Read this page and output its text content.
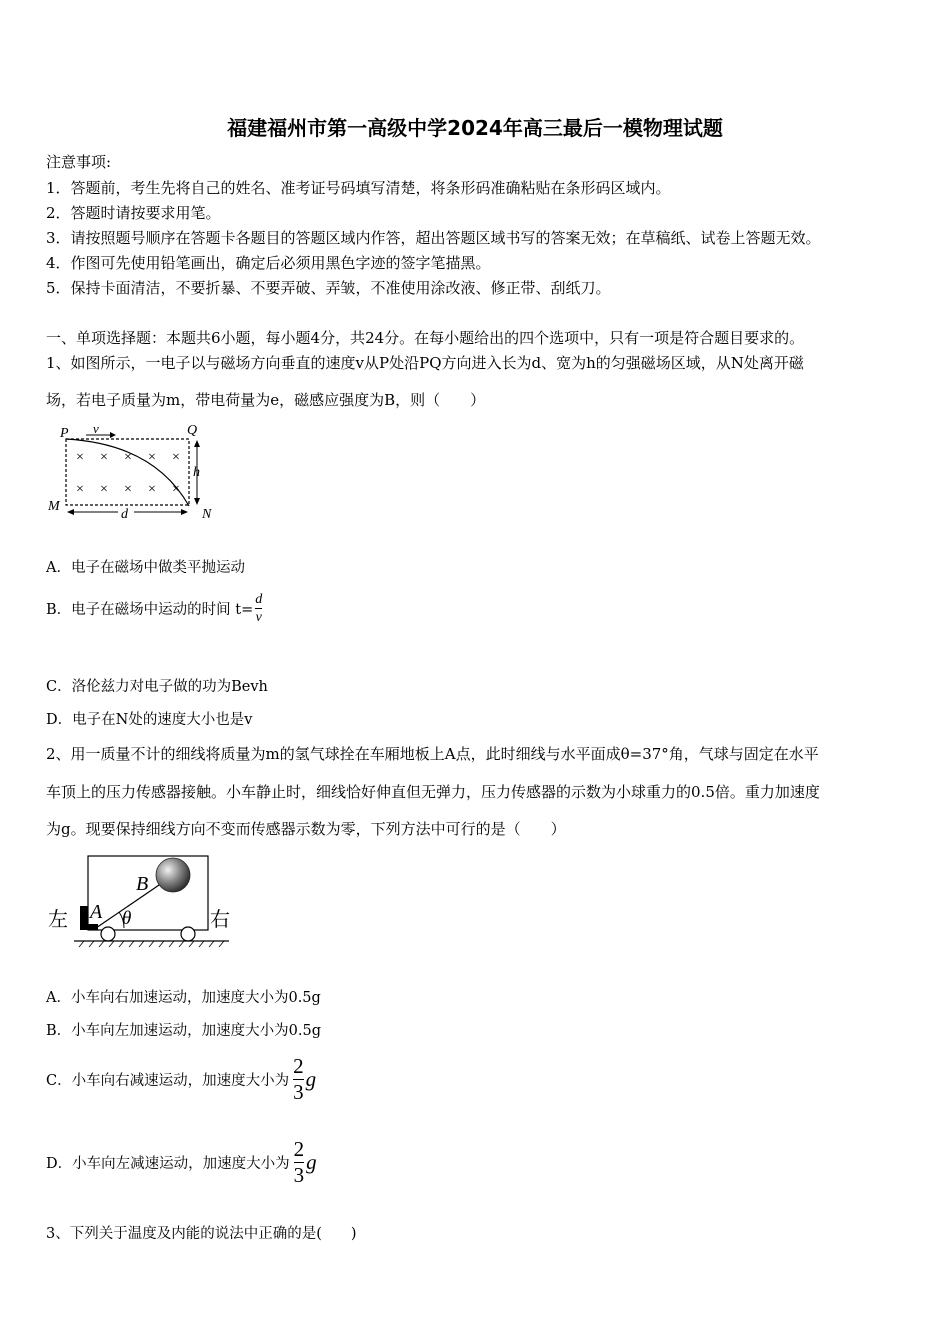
福建福州市第一高级中学2024年高三最后一模物理试题
注意事项:
1．答题前，考生先将自己的姓名、准考证号码填写清楚，将条形码准确粘贴在条形码区域内。
2．答题时请按要求用笔。
3．请按照题号顺序在答题卡各题目的答题区域内作答，超出答题区域书写的答案无效；在草稿纸、试卷上答题无效。
4．作图可先使用铅笔画出，确定后必须用黑色字迹的签字笔描黑。
5．保持卡面清洁，不要折暴、不要弄破、弄皱，不准使用涂改液、修正带、刮纸刀。
一、单项选择题：本题共6小题，每小题4分，共24分。在每小题给出的四个选项中，只有一项是符合题目要求的。
1、如图所示，一电子以与磁场方向垂直的速度v从P处沿PQ方向进入长为d、宽为h的匀强磁场区域，从N处离开磁
场，若电子质量为m，带电荷量为e，磁感应强度为B，则（　　）
P v	Q
M
N
h
d
× × × × ×
× × × × ×
A．电子在磁场中做类平抛运动
B．电子在磁场中运动的时间 $t= \frac{d}{v}$
C．洛伦兹力对电子做的功为Bevh
D．电子在N处的速度大小也是v
2、用一质量不计的细线将质量为m的氢气球拴在车厢地板上A点，此时细线与水平面成θ=37°角，气球与固定在水平
车顶上的压力传感器接触。小车静止时，细线恰好伸直但无弹力，压力传感器的示数为小球重力的0.5倍。重力加速度
为g。现要保持细线方向不变而传感器示数为零，下列方法中可行的是（　　）
B
A θ
左	右
A．小车向右加速运动，加速度大小为0.5g
B．小车向左加速运动，加速度大小为0.5g
C．小车向右减速运动，加速度大小为 $\frac{2}{3}$ g
D．小车向左减速运动，加速度大小为 $\frac{2}{3}$ g
3、下列关于温度及内能的说法中正确的是(　　)
